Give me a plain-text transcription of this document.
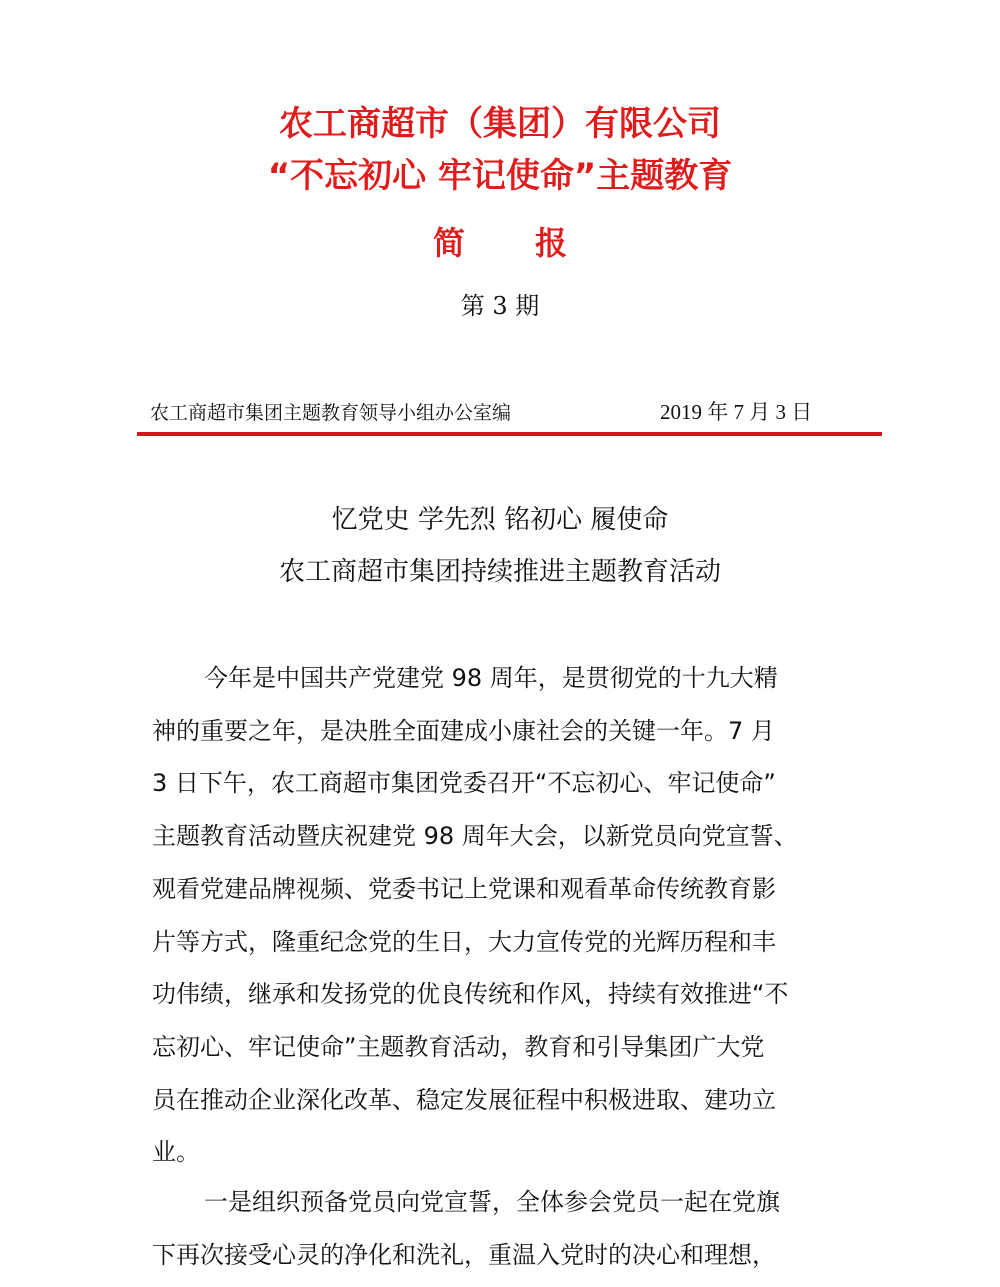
农工商超市（集团）有限公司
“不忘初心 牢记使命”主题教育
简 报
第 3 期
农工商超市集团主题教育领导小组办公室编	2019 年 7 月 3 日
忆党史 学先烈 铭初心 履使命
农工商超市集团持续推进主题教育活动
今年是中国共产党建党 98 周年，是贯彻党的十九大精
神的重要之年，是决胜全面建成小康社会的关键一年。7 月
3 日下午，农工商超市集团党委召开“不忘初心、牢记使命”
主题教育活动暨庆祝建党 98 周年大会，以新党员向党宣誓、
观看党建品牌视频、党委书记上党课和观看革命传统教育影
片等方式，隆重纪念党的生日，大力宣传党的光辉历程和丰
功伟绩，继承和发扬党的优良传统和作风，持续有效推进“不
忘初心、牢记使命”主题教育活动，教育和引导集团广大党
员在推动企业深化改革、稳定发展征程中积极进取、建功立
业。
一是组织预备党员向党宣誓，全体参会党员一起在党旗
下再次接受心灵的净化和洗礼，重温入党时的决心和理想，
